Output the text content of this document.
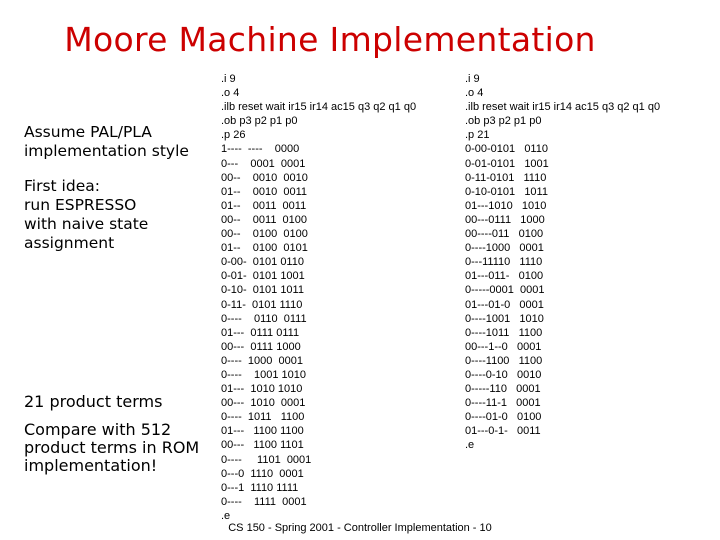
Moore Machine Implementation
Assume PAL/PLA
implementation style
First idea:
run ESPRESSO
with naive state
assignment
21 product terms
Compare with 512
product terms in ROM
implementation!
.i 9
.o 4
.ilb reset wait ir15 ir14 ac15 q3 q2 q1 q0
.ob p3 p2 p1 p0
.p 26
1----  ----    0000
0---    0001  0001
00--    0010  0010
01--    0010  0011
01--    0011  0011
00--    0011  0100
00--    0100  0100
01--    0100  0101
0-00-  0101 0110
0-01-  0101 1001
0-10-  0101 1011
0-11-  0101 1110
0----    0110  0111
01---  0111 0111
00---  0111 1000
0----  1000  0001
0----    1001 1010
01---  1010 1010
00---  1010  0001
0----  1011   1100
01---   1100 1100
00---   1100 1101
0----     1101  0001
0---0  1110  0001
0---1  1110 1111
0----    1111  0001
.e
.i 9
.o 4
.ilb reset wait ir15 ir14 ac15 q3 q2 q1 q0
.ob p3 p2 p1 p0
.p 21
0-00-0101   0110
0-01-0101   1001
0-11-0101   1110
0-10-0101   1011
01---1010   1010
00---0111   1000
00----011   0100
0----1000   0001
0---11110   1110
01---011-   0100
0-----0001  0001
01---01-0   0001
0----1001   1010
0----1011   1100
00---1--0   0001
0----1100   1100
0----0-10   0010
0-----110   0001
0----11-1   0001
0----01-0   0100
01---0-1-   0011
.e
CS 150 - Spring 2001 - Controller Implementation - 10
